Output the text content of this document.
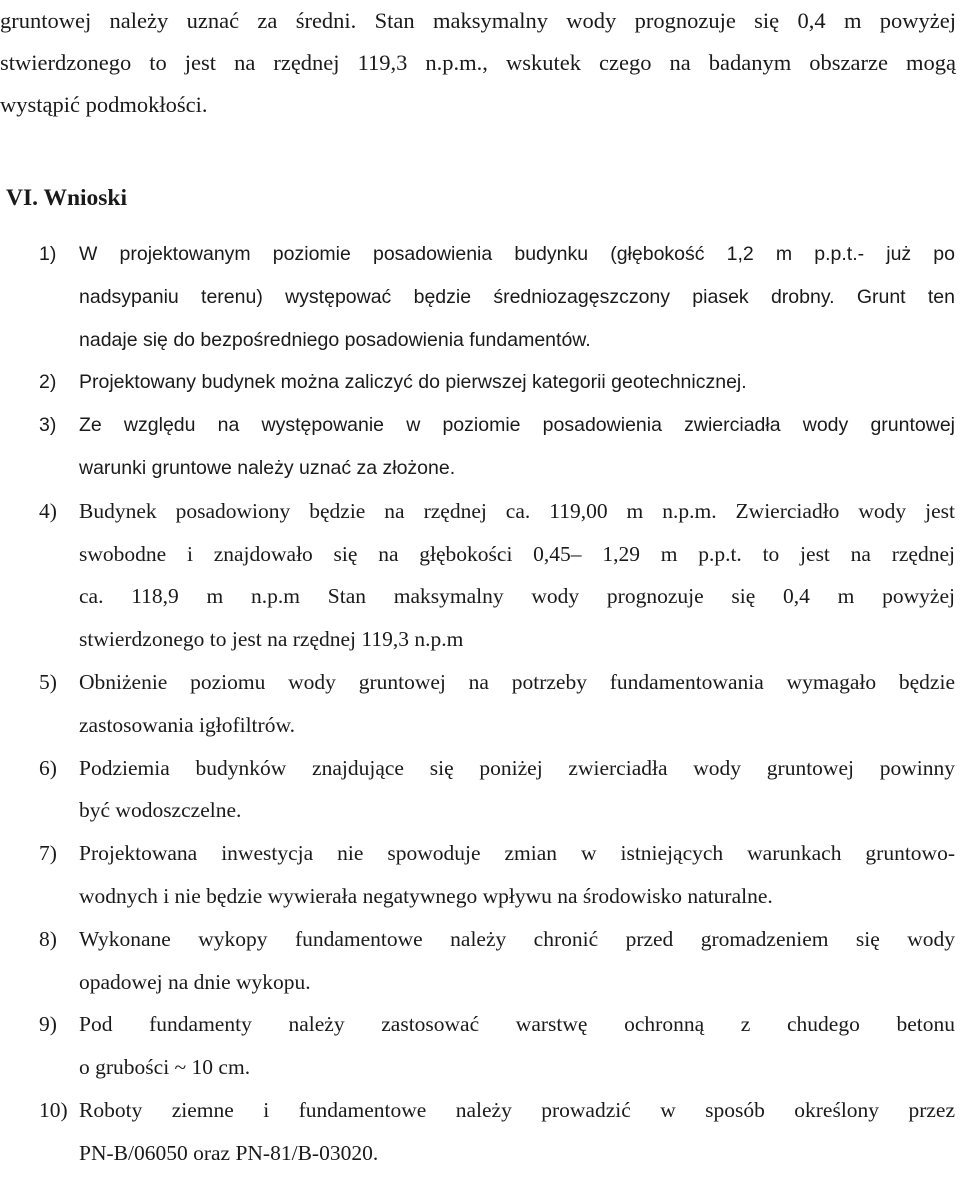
gruntowej należy uznać za średni. Stan maksymalny wody prognozuje się 0,4 m powyżej
stwierdzonego to jest na rzędnej 119,3 n.p.m., wskutek czego na badanym obszarze mogą
wystąpić podmokłości.
VI. Wnioski
1) W projektowanym poziomie posadowienia budynku (głębokość 1,2 m p.p.t.- już po
nadsypaniu terenu) występować będzie średniozagęszczony piasek drobny. Grunt ten
nadaje się do bezpośredniego posadowienia fundamentów.
2) Projektowany budynek można zaliczyć do pierwszej kategorii geotechnicznej.
3) Ze względu na występowanie w poziomie posadowienia zwierciadła wody gruntowej
warunki gruntowe należy uznać za złożone.
4) Budynek posadowiony będzie na rzędnej ca. 119,00 m n.p.m. Zwierciadło wody jest
swobodne i znajdowało się na głębokości 0,45– 1,29 m p.p.t. to jest na rzędnej
ca. 118,9 m n.p.m Stan maksymalny wody prognozuje się 0,4 m powyżej
stwierdzonego to jest na rzędnej 119,3 n.p.m
5) Obniżenie poziomu wody gruntowej na potrzeby fundamentowania wymagało będzie
zastosowania igłofiltrów.
6) Podziemia budynków znajdujące się poniżej zwierciadła wody gruntowej powinny
być wodoszczelne.
7) Projektowana inwestycja nie spowoduje zmian w istniejących warunkach gruntowo-
wodnych i nie będzie wywierała negatywnego wpływu na środowisko naturalne.
8) Wykonane wykopy fundamentowe należy chronić przed gromadzeniem się wody
opadowej na dnie wykopu.
9) Pod fundamenty należy zastosować warstwę ochronną z chudego betonu
o grubości ~ 10 cm.
10) Roboty ziemne i fundamentowe należy prowadzić w sposób określony przez
PN-B/06050 oraz PN-81/B-03020.
